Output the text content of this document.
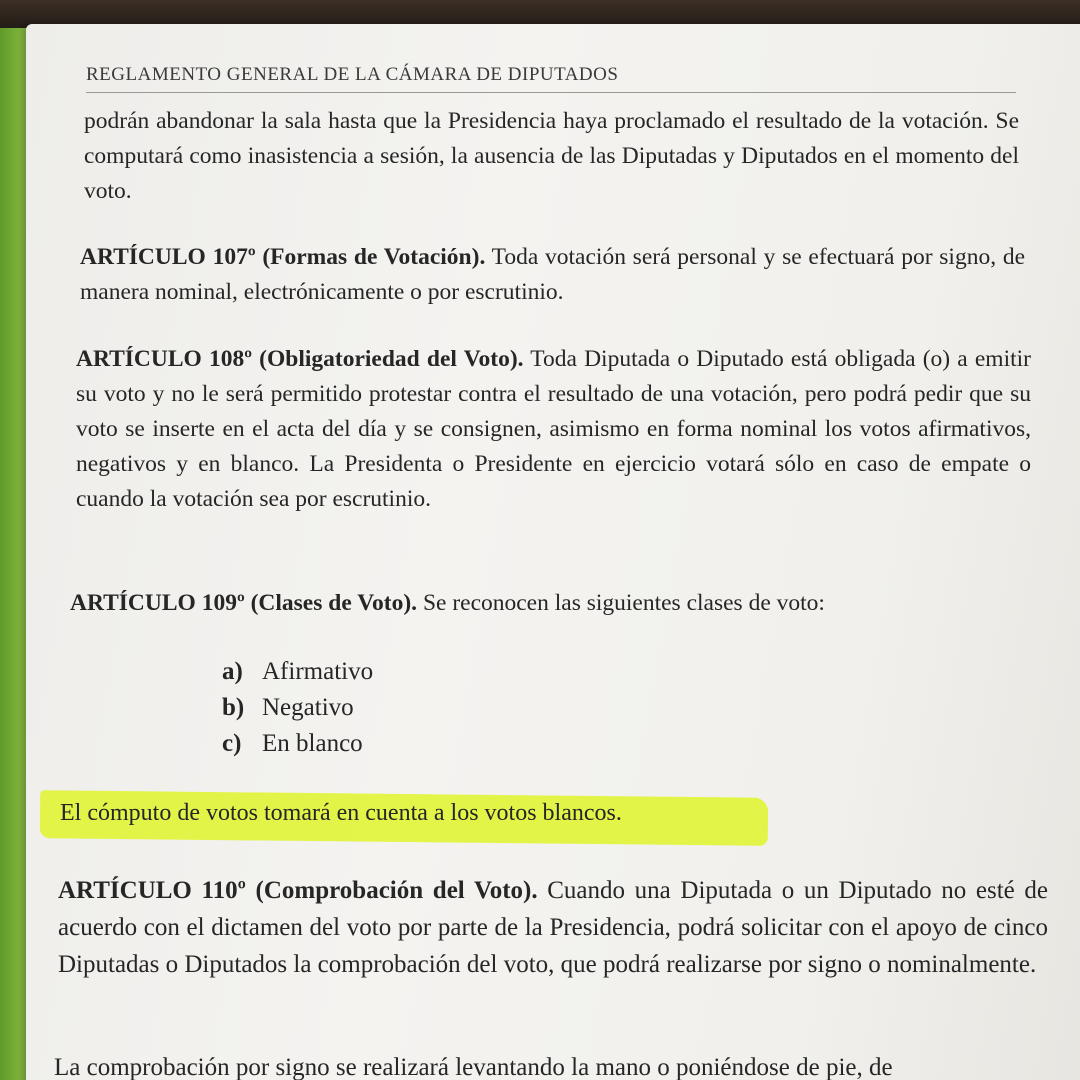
REGLAMENTO GENERAL DE LA CÁMARA DE DIPUTADOS
podrán abandonar la sala hasta que la Presidencia haya proclamado el resultado de la votación. Se computará como inasistencia a sesión, la ausencia de las Diputadas y Diputados en el momento del voto.
ARTÍCULO 107º (Formas de Votación). Toda votación será personal y se efectuará por signo, de manera nominal, electrónicamente o por escrutinio.
ARTÍCULO 108º (Obligatoriedad del Voto). Toda Diputada o Diputado está obligada (o) a emitir su voto y no le será permitido protestar contra el resultado de una votación, pero podrá pedir que su voto se inserte en el acta del día y se consignen, asimismo en forma nominal los votos afirmativos, negativos y en blanco. La Presidenta o Presidente en ejercicio votará sólo en caso de empate o cuando la votación sea por escrutinio.
ARTÍCULO 109º (Clases de Voto). Se reconocen las siguientes clases de voto:
a) Afirmativo
b) Negativo
c) En blanco
El cómputo de votos tomará en cuenta a los votos blancos.
ARTÍCULO 110º (Comprobación del Voto). Cuando una Diputada o un Diputado no esté de acuerdo con el dictamen del voto por parte de la Presidencia, podrá solicitar con el apoyo de cinco Diputadas o Diputados la comprobación del voto, que podrá realizarse por signo o nominalmente.
La comprobación por signo se realizará levantando la mano o poniéndose de pie, de
